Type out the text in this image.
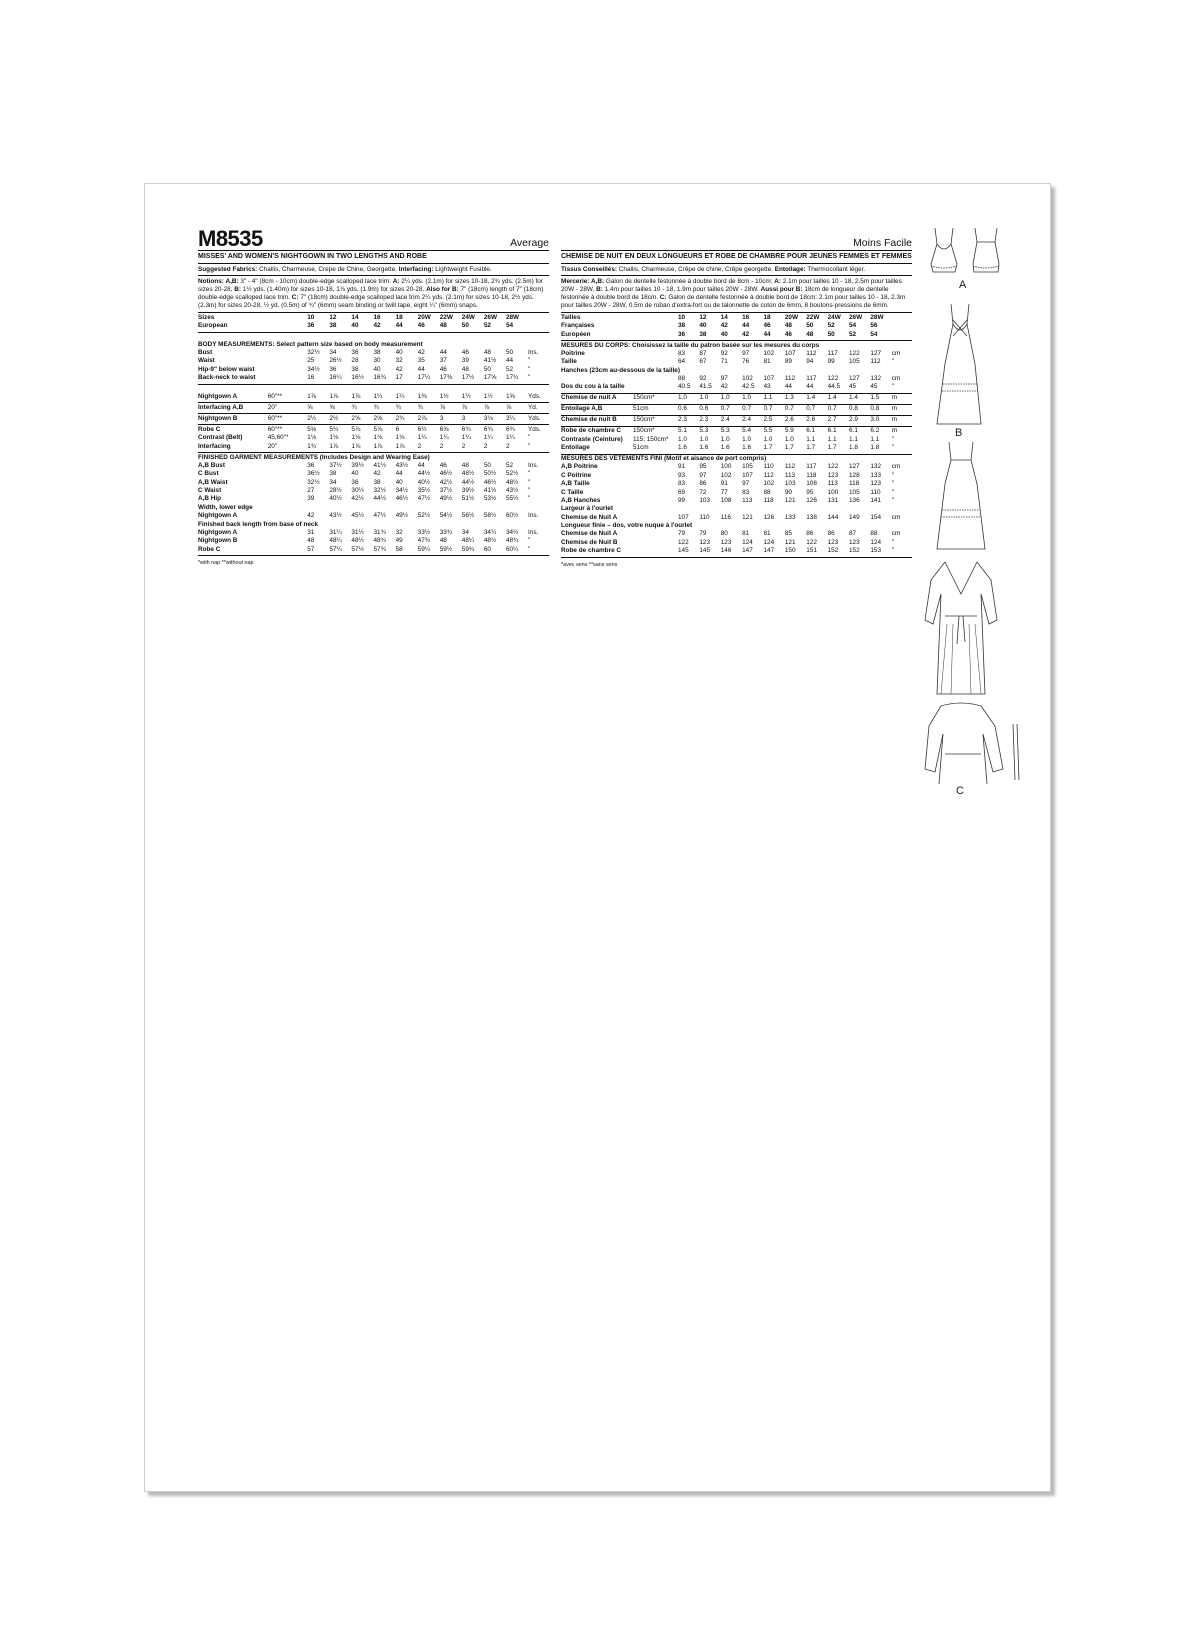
M8535	Average
MISSES' AND WOMEN'S NIGHTGOWN IN TWO LENGTHS AND ROBE
Suggested Fabrics: Challis, Charmeuse, Crepe de Chine, Georgette. Interfacing: Lightweight Fusible.
Notions: A,B: 3" - 4" (8cm - 10cm) double-edge scalloped lace trim: A: 2¼ yds. (2.1m) for sizes 10-18, 2¾ yds. (2.5m) for sizes 20-28, B: 1½ yds. (1.40m) for sizes 10-18, 1⅞ yds. (1.9m) for sizes 20-28. Also for B: 7" (18cm) length of 7" (18cm) double-edge scalloped lace trim. C: 7" (18cm) double-edge scalloped lace trim 2¼ yds. (2.1m) for sizes 10-18, 2½ yds. (2.3m) for sizes 20-28, ½ yd. (0.5m) of ¾" (6mm) seam binding or twill tape, eight ¼" (6mm) snaps.
Sizes		10	12	14	16	18	20W	22W	24W	26W	28W	
European		36	38	40	42	44	46	48	50	52	54	
BODY MEASUREMENTS: Select pattern size based on body measurement												
Bust		32½	34	36	38	40	42	44	46	48	50	Ins.
Waist		25	26½	28	30	32	35	37	39	41½	44	"
Hip-9" below waist		34½	36	38	40	42	44	46	48	50	52	"
Back-neck to waist		16	16¼	16½	16¾	17	17¼	17⅜	17½	17⅝	17¾	"
Nightgown A	60"**	1⅞	1⅞	1⅞	1¼	1¼	1⅜	1½	1½	1½	1⅝	Yds.
Interfacing A,B	20"	⅝	⅝	¾	¾	¾	¾	⅞	⅞	⅞	⅞	Yd.
Nightgown B	60"**	2½	2½	2⅝	2⅝	2¾	2⅞	3	3	3⅛	3¼	Yds.
Robe C	60"**	5⅝	5¾	5⅞	5⅞	6	6½	6⅝	6¾	6¾	6¾	Yds.
Contrast (Belt)	45,60"*	1⅛	1⅛	1⅛	1⅛	1⅛	1¼	1¼	1¼	1¼	1¼	"
Interfacing	20"	1¾	1⅞	1⅞	1⅞	1⅞	2	2	2	2	2	"
FINISHED GARMENT MEASUREMENTS (Includes Design and Wearing Ease)												
A,B Bust		36	37½	39½	41½	43½	44	46	48	50	52	Ins.
C Bust		36½	38	40	42	44	44½	46½	48½	50½	52½	"
A,B Waist		32½	34	36	38	40	40½	42½	44½	46½	48½	"
C Waist		27	28½	30½	32½	34½	35½	37½	39½	41½	43½	"
A,B Hip		39	40½	42½	44½	46½	47½	49½	51½	53½	55½	"
Width, lower edge												
Nightgown A		42	43½	45½	47½	49½	52½	54½	56½	58½	60½	Ins.
Finished back length from base of neck												
Nightgown A		31	31¼	31½	31¾	32	33½	33¾	34	34¼	34½	Ins.
Nightgown B		48	48¼	48½	48¾	49	47¾	48	48¼	48½	48¾	"
Robe C		57	57¼	57½	57¾	58	59¼	59½	59¾	60	60¼	"
*with nap **without nap
Moins Facile
CHEMISE DE NUIT EN DEUX LONGUEURS ET ROBE DE CHAMBRE POUR JEUNES FEMMES ET FEMMES
Tissus Conseillés: Challis, Charmeuse, Crêpe de chine, Crêpe georgette. Entoilage: Thermocollant léger.
Mercerie: A,B: Galon de dentelle festonnée à double bord de 8cm - 10cm: A: 2.1m pour tailles 10 - 18, 2.5m pour tailles 20W - 28W, B: 1.4m pour tailles 10 - 18, 1.9m pour tailles 20W - 28W. Aussi pour B: 18cm de longueur de dentelle festonnée à double bord de 18cm. C: Galon de dentelle festonnée à double bord de 18cm: 2.1m pour tailles 10 - 18, 2.3m pour tailles 20W - 28W, 0.5m de ruban d'extra-fort ou de talonnette de coton de 6mm, 8 boutons-pressions de 6mm.
Tailles		10	12	14	16	18	20W	22W	24W	26W	28W	
Françaises		38	40	42	44	46	48	50	52	54	56	
Européen		36	38	40	42	44	46	48	50	52	54	
MESURES DU CORPS: Choisissez la taille du patron basée sur les mesures du corps												
Poitrine		83	87	92	97	102	107	112	117	122	127	cm
Taille		64	67	71	76	81	89	94	99	105	112	"
Hanches (23cm au-dessous de la taille)												
		88	92	97	102	107	112	117	122	127	132	cm
Dos du cou à la taille		40.5	41.5	42	42.5	43	44	44	44.5	45	45	"
Chemise de nuit A	150cm*	1.0	1.0	1.0	1.0	1.1	1.3	1.4	1.4	1.4	1.5	m
Entoilage A,B	51cm	0.6	0.6	0.7	0.7	0.7	0.7	0.7	0.7	0.8	0.8	m
Chemise de nuit B	150cm*	2.3	2.3	2.4	2.4	2.5	2.6	2.6	2.7	2.9	3.0	m
Robe de chambre C	150cm*	5.1	5.3	5.3	5.4	5.5	5.9	6.1	6.1	6.1	6.2	m
Contraste (Ceinture)	115, 150cm*	1.0	1.0	1.0	1.0	1.0	1.0	1.1	1.1	1.1	1.1	"
Entoilage	51cm	1.6	1.6	1.6	1.6	1.7	1.7	1.7	1.7	1.8	1.8	"
MESURES DES VÊTEMENTS FINI (Motif et aisance de port compris)												
A,B Poitrine		91	95	100	105	110	112	117	122	127	132	cm
C Poitrine		93	97	102	107	112	113	118	123	128	133	"
A,B Taille		83	86	91	97	102	103	108	113	118	123	"
C Taille		69	72	77	83	88	90	95	100	105	110	"
A,B Hanches		99	103	108	113	118	121	126	131	136	141	"
Largeur à l'ourlet												
Chemise de Nuit A		107	110	116	121	126	133	138	144	149	154	cm
Longueur finie – dos, votre nuque à l'ourlet												
Chemise de Nuit A		79	79	80	81	81	85	86	86	87	88	cm
Chemise de Nuit B		122	123	123	124	124	121	122	123	123	124	"
Robe de chambre C		145	145	146	147	147	150	151	152	152	153	"
*avec sens **sans sens
A
B
C
